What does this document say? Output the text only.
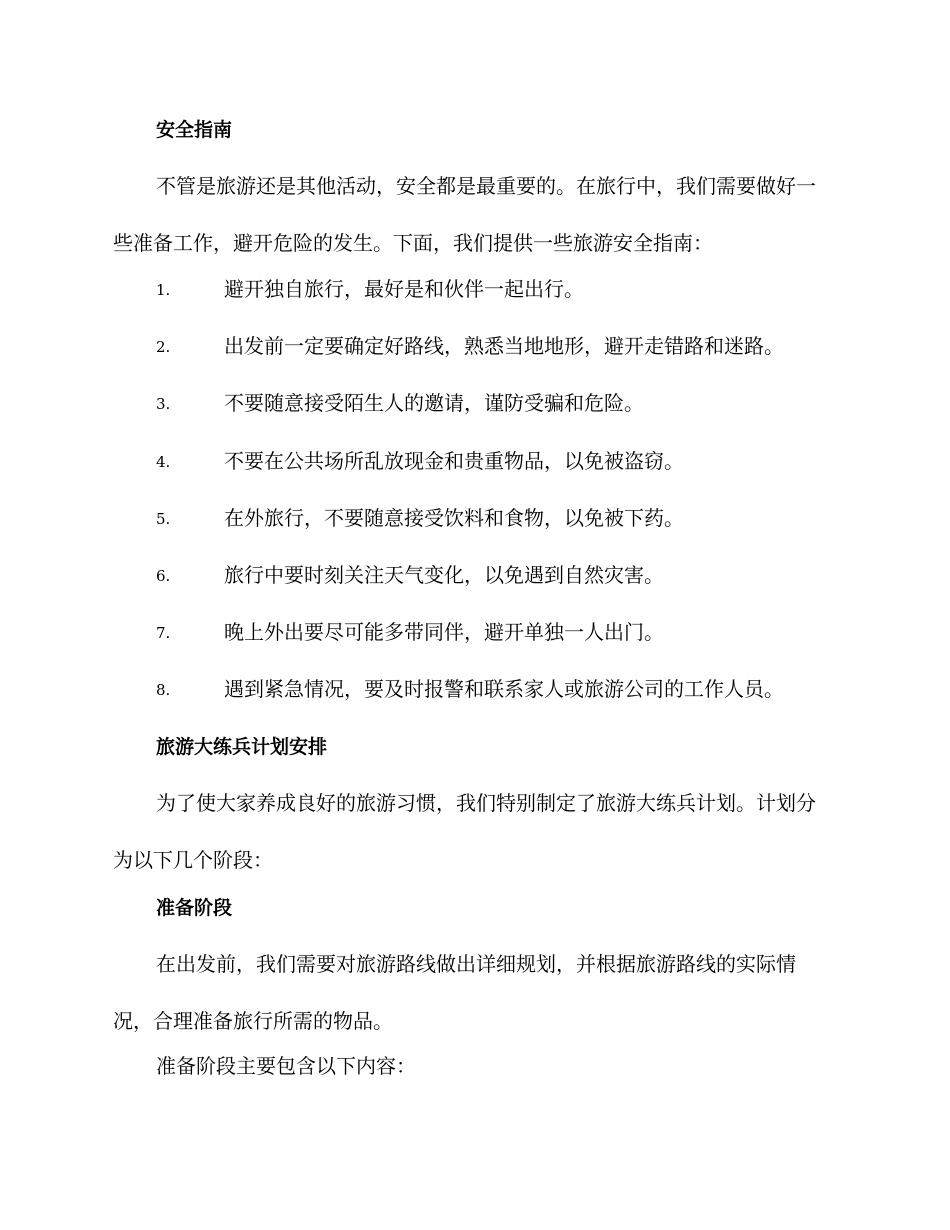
安全指南

不管是旅游还是其他活动，安全都是最重要的。在旅行中，我们需要做好一些准备工作，避开危险的发生。下面，我们提供一些旅游安全指南：

1.	避开独自旅行，最好是和伙伴一起出行。
2.	出发前一定要确定好路线，熟悉当地地形，避开走错路和迷路。
3.	不要随意接受陌生人的邀请，谨防受骗和危险。
4.	不要在公共场所乱放现金和贵重物品，以免被盗窃。
5.	在外旅行，不要随意接受饮料和食物，以免被下药。
6.	旅行中要时刻关注天气变化，以免遇到自然灾害。
7.	晚上外出要尽可能多带同伴，避开单独一人出门。
8.	遇到紧急情况，要及时报警和联系家人或旅游公司的工作人员。
旅游大练兵计划安排

为了使大家养成良好的旅游习惯，我们特别制定了旅游大练兵计划。计划分为以下几个阶段：

准备阶段

在出发前，我们需要对旅游路线做出详细规划，并根据旅游路线的实际情况，合理准备旅行所需的物品。

准备阶段主要包含以下内容：
